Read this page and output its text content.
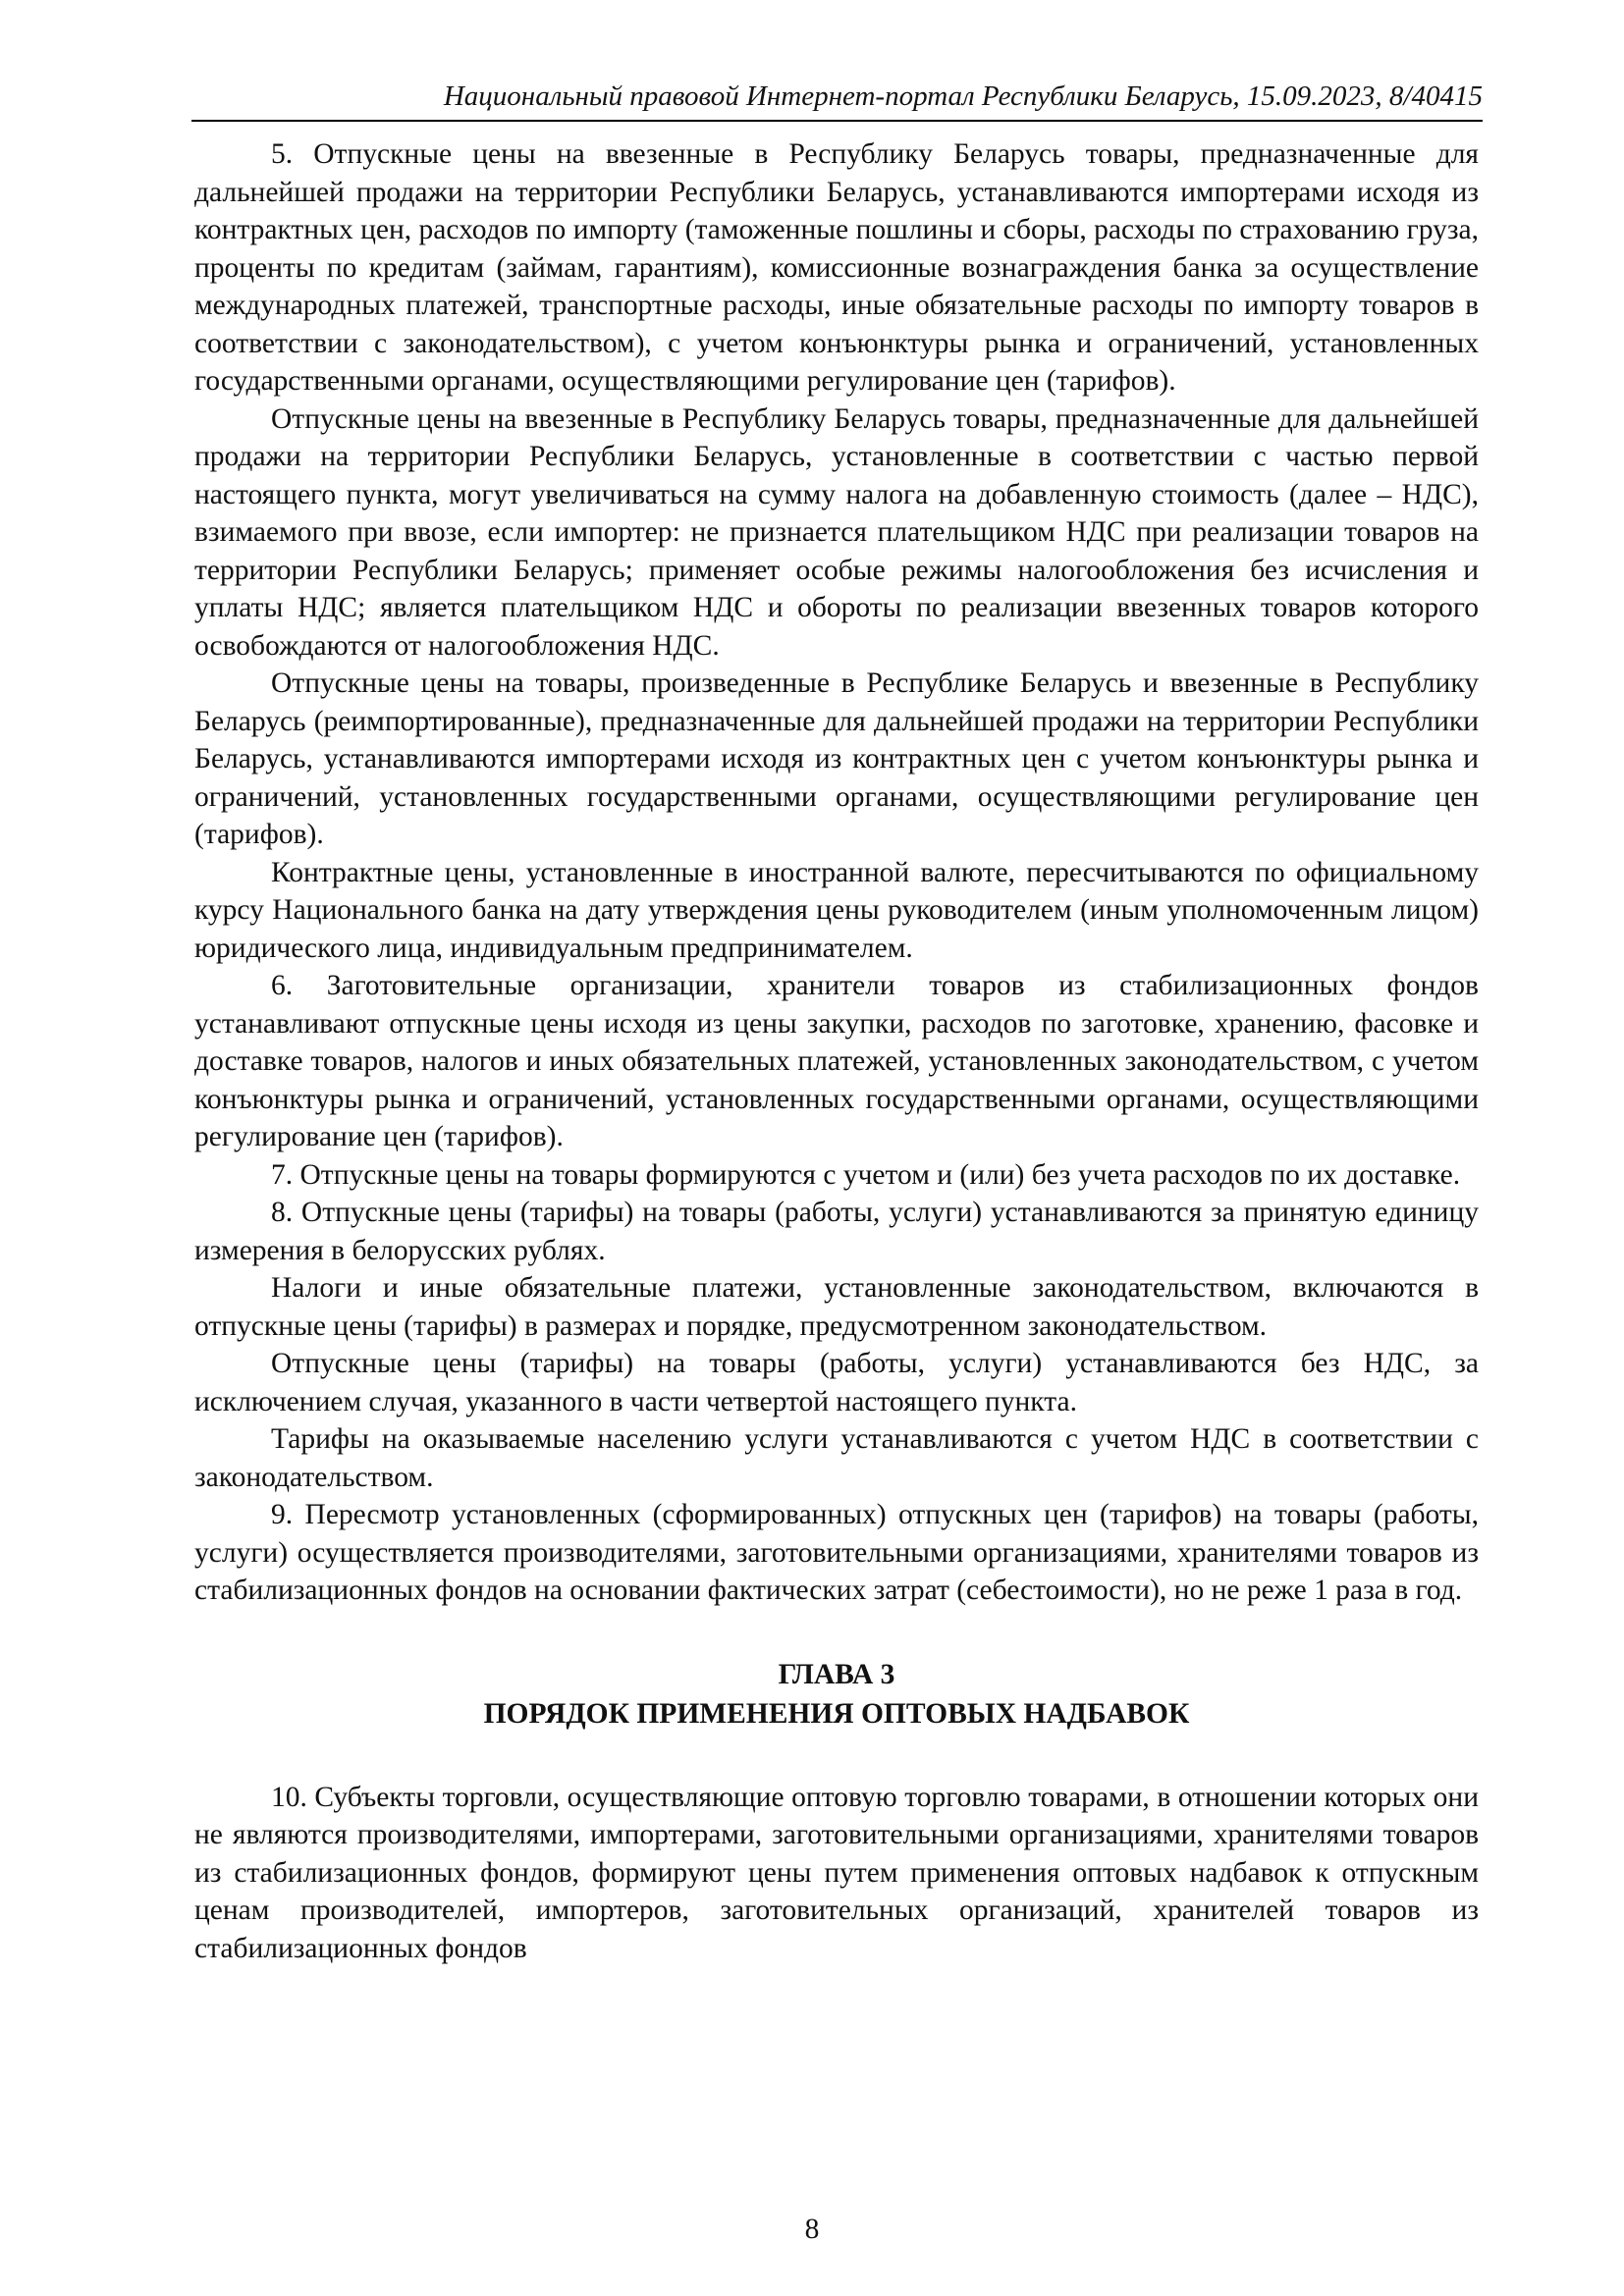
Национальный правовой Интернет-портал Республики Беларусь, 15.09.2023, 8/40415

5. Отпускные цены на ввезенные в Республику Беларусь товары, предназначенные для дальнейшей продажи на территории Республики Беларусь, устанавливаются импортерами исходя из контрактных цен, расходов по импорту (таможенные пошлины и сборы, расходы по страхованию груза, проценты по кредитам (займам, гарантиям), комиссионные вознаграждения банка за осуществление международных платежей, транспортные расходы, иные обязательные расходы по импорту товаров в соответствии с законодательством), с учетом конъюнктуры рынка и ограничений, установленных государственными органами, осуществляющими регулирование цен (тарифов).

Отпускные цены на ввезенные в Республику Беларусь товары, предназначенные для дальнейшей продажи на территории Республики Беларусь, установленные в соответствии с частью первой настоящего пункта, могут увеличиваться на сумму налога на добавленную стоимость (далее – НДС), взимаемого при ввозе, если импортер: не признается плательщиком НДС при реализации товаров на территории Республики Беларусь; применяет особые режимы налогообложения без исчисления и уплаты НДС; является плательщиком НДС и обороты по реализации ввезенных товаров которого освобождаются от налогообложения НДС.

Отпускные цены на товары, произведенные в Республике Беларусь и ввезенные в Республику Беларусь (реимпортированные), предназначенные для дальнейшей продажи на территории Республики Беларусь, устанавливаются импортерами исходя из контрактных цен с учетом конъюнктуры рынка и ограничений, установленных государственными органами, осуществляющими регулирование цен (тарифов).

Контрактные цены, установленные в иностранной валюте, пересчитываются по официальному курсу Национального банка на дату утверждения цены руководителем (иным уполномоченным лицом) юридического лица, индивидуальным предпринимателем.

6. Заготовительные организации, хранители товаров из стабилизационных фондов устанавливают отпускные цены исходя из цены закупки, расходов по заготовке, хранению, фасовке и доставке товаров, налогов и иных обязательных платежей, установленных законодательством, с учетом конъюнктуры рынка и ограничений, установленных государственными органами, осуществляющими регулирование цен (тарифов).

7. Отпускные цены на товары формируются с учетом и (или) без учета расходов по их доставке.

8. Отпускные цены (тарифы) на товары (работы, услуги) устанавливаются за принятую единицу измерения в белорусских рублях.

Налоги и иные обязательные платежи, установленные законодательством, включаются в отпускные цены (тарифы) в размерах и порядке, предусмотренном законодательством.

Отпускные цены (тарифы) на товары (работы, услуги) устанавливаются без НДС, за исключением случая, указанного в части четвертой настоящего пункта.

Тарифы на оказываемые населению услуги устанавливаются с учетом НДС в соответствии с законодательством.

9. Пересмотр установленных (сформированных) отпускных цен (тарифов) на товары (работы, услуги) осуществляется производителями, заготовительными организациями, хранителями товаров из стабилизационных фондов на основании фактических затрат (себестоимости), но не реже 1 раза в год.

ГЛАВА 3
ПОРЯДОК ПРИМЕНЕНИЯ ОПТОВЫХ НАДБАВОК

10. Субъекты торговли, осуществляющие оптовую торговлю товарами, в отношении которых они не являются производителями, импортерами, заготовительными организациями, хранителями товаров из стабилизационных фондов, формируют цены путем применения оптовых надбавок к отпускным ценам производителей, импортеров, заготовительных организаций, хранителей товаров из стабилизационных фондов

8
